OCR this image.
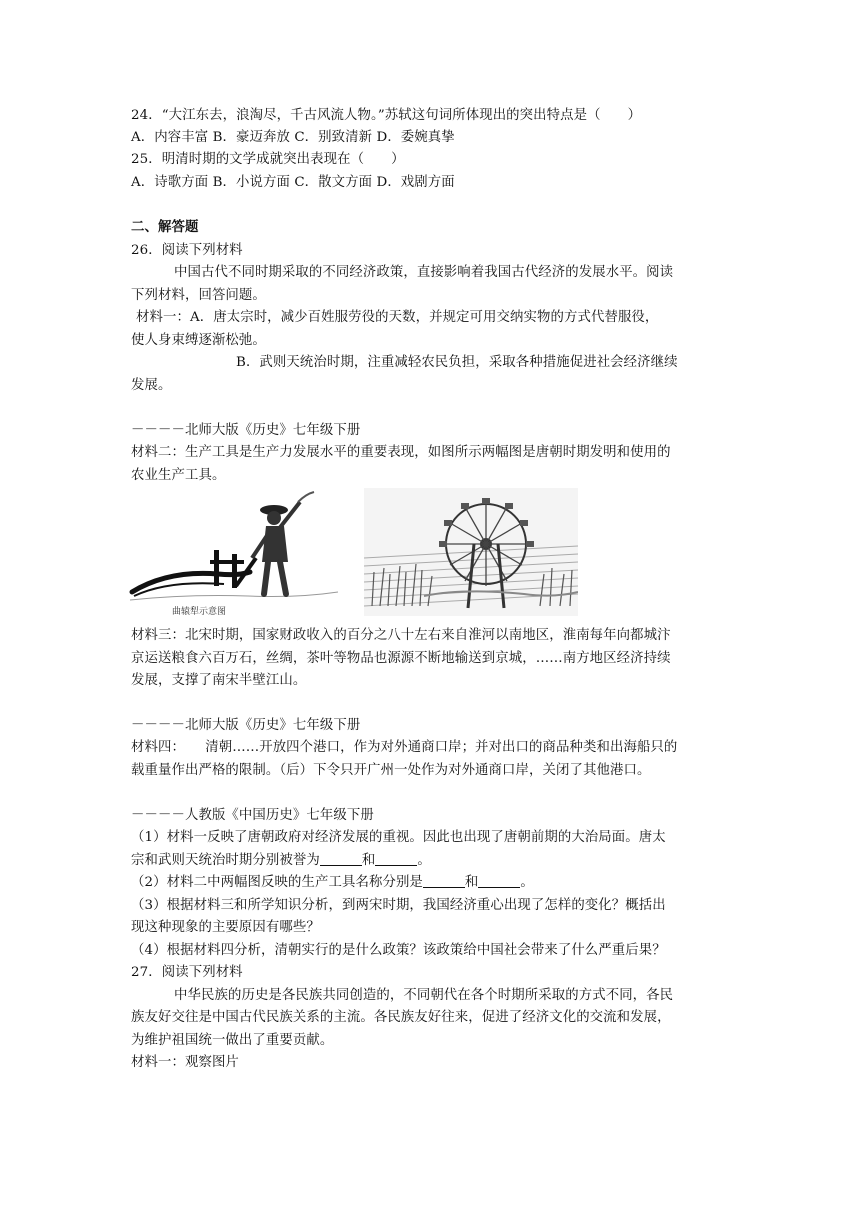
24．“大江东去，浪淘尽，千古风流人物。”苏轼这句词所体现出的突出特点是（　　）
A．内容丰富 B．豪迈奔放 C．别致清新 D．委婉真挚
25．明清时期的文学成就突出表现在（　　）
A．诗歌方面 B．小说方面 C．散文方面 D．戏剧方面
二、解答题
26．阅读下列材料
中国古代不同时期采取的不同经济政策，直接影响着我国古代经济的发展水平。阅读
下列材料，回答问题。
材料一：A．唐太宗时，减少百姓服劳役的天数，并规定可用交纳实物的方式代替服役，
使人身束缚逐渐松弛。
B．武则天统治时期，注重减轻农民负担，采取各种措施促进社会经济继续
发展。
－－－－北师大版《历史》七年级下册
材料二：生产工具是生产力发展水平的重要表现，如图所示两幅图是唐朝时期发明和使用的
农业生产工具。
曲辕犁示意图
材料三：北宋时期，国家财政收入的百分之八十左右来自淮河以南地区，淮南每年向都城汴
京运送粮食六百万石，丝绸，茶叶等物品也源源不断地输送到京城，……南方地区经济持续
发展，支撑了南宋半壁江山。
－－－－北师大版《历史》七年级下册
材料四：　　清朝……开放四个港口，作为对外通商口岸；并对出口的商品种类和出海船只的
载重量作出严格的限制。（后）下令只开广州一处作为对外通商口岸，关闭了其他港口。
－－－－人教版《中国历史》七年级下册
（1）材料一反映了唐朝政府对经济发展的重视。因此也出现了唐朝前期的大治局面。唐太
宗和武则天统治时期分别被誉为	和	。
（2）材料二中两幅图反映的生产工具名称分别是	和	。
（3）根据材料三和所学知识分析，到两宋时期，我国经济重心出现了怎样的变化？概括出
现这种现象的主要原因有哪些？
（4）根据材料四分析，清朝实行的是什么政策？该政策给中国社会带来了什么严重后果？
27．阅读下列材料
中华民族的历史是各民族共同创造的，不同朝代在各个时期所采取的方式不同，各民
族友好交往是中国古代民族关系的主流。各民族友好往来，促进了经济文化的交流和发展，
为维护祖国统一做出了重要贡献。
材料一：观察图片
